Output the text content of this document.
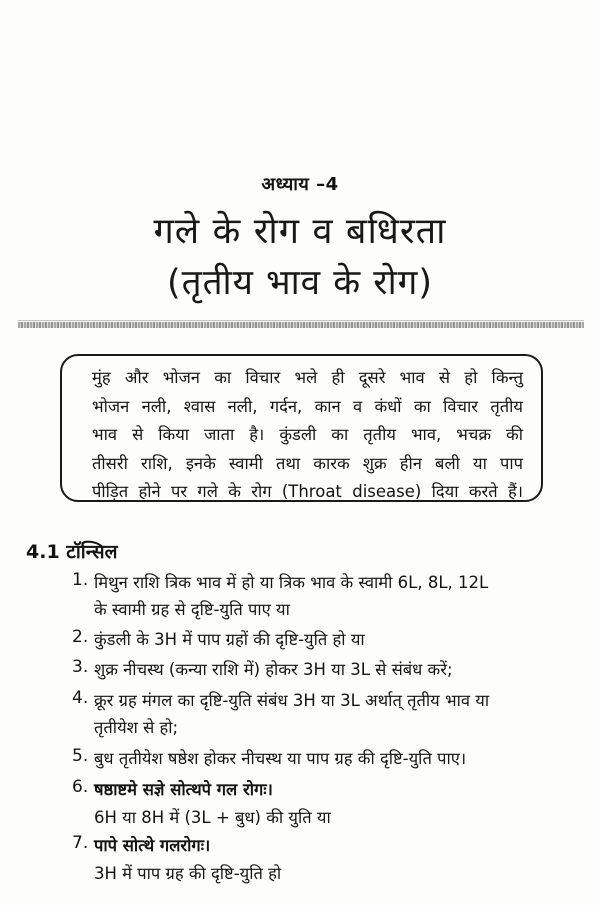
अध्याय –4
गले के रोग व बधिरता
(तृतीय भाव के रोग)
मुंह और भोजन का विचार भले ही दूसरे भाव से हो किन्तु
भोजन नली, श्वास नली, गर्दन, कान व कंधों का विचार तृतीय
भाव से किया जाता है। कुंडली का तृतीय भाव, भचक्र की
तीसरी राशि, इनके स्वामी तथा कारक शुक्र हीन बली या पाप
पीड़ित होने पर गले के रोग (Throat disease) दिया करते हैं।
4.1 टॉन्सिल
1. मिथुन राशि त्रिक भाव में हो या त्रिक भाव के स्वामी 6L, 8L, 12L
के स्वामी ग्रह से दृष्टि-युति पाए या
2. कुंडली के 3H में पाप ग्रहों की दृष्टि-युति हो या
3. शुक्र नीचस्थ (कन्या राशि में) होकर 3H या 3L से संबंध करें;
4. क्रूर ग्रह मंगल का दृष्टि-युति संबंध 3H या 3L अर्थात् तृतीय भाव या
तृतीयेश से हो;
5. बुध तृतीयेश षष्ठेश होकर नीचस्थ या पाप ग्रह की दृष्टि-युति पाए।
6. षष्ठाष्टमे सज्ञे सोत्थपे गल रोगः।
6H या 8H में (3L + बुध) की युति या
7. पापे सोत्थे गलरोगः।
3H में पाप ग्रह की दृष्टि-युति हो
